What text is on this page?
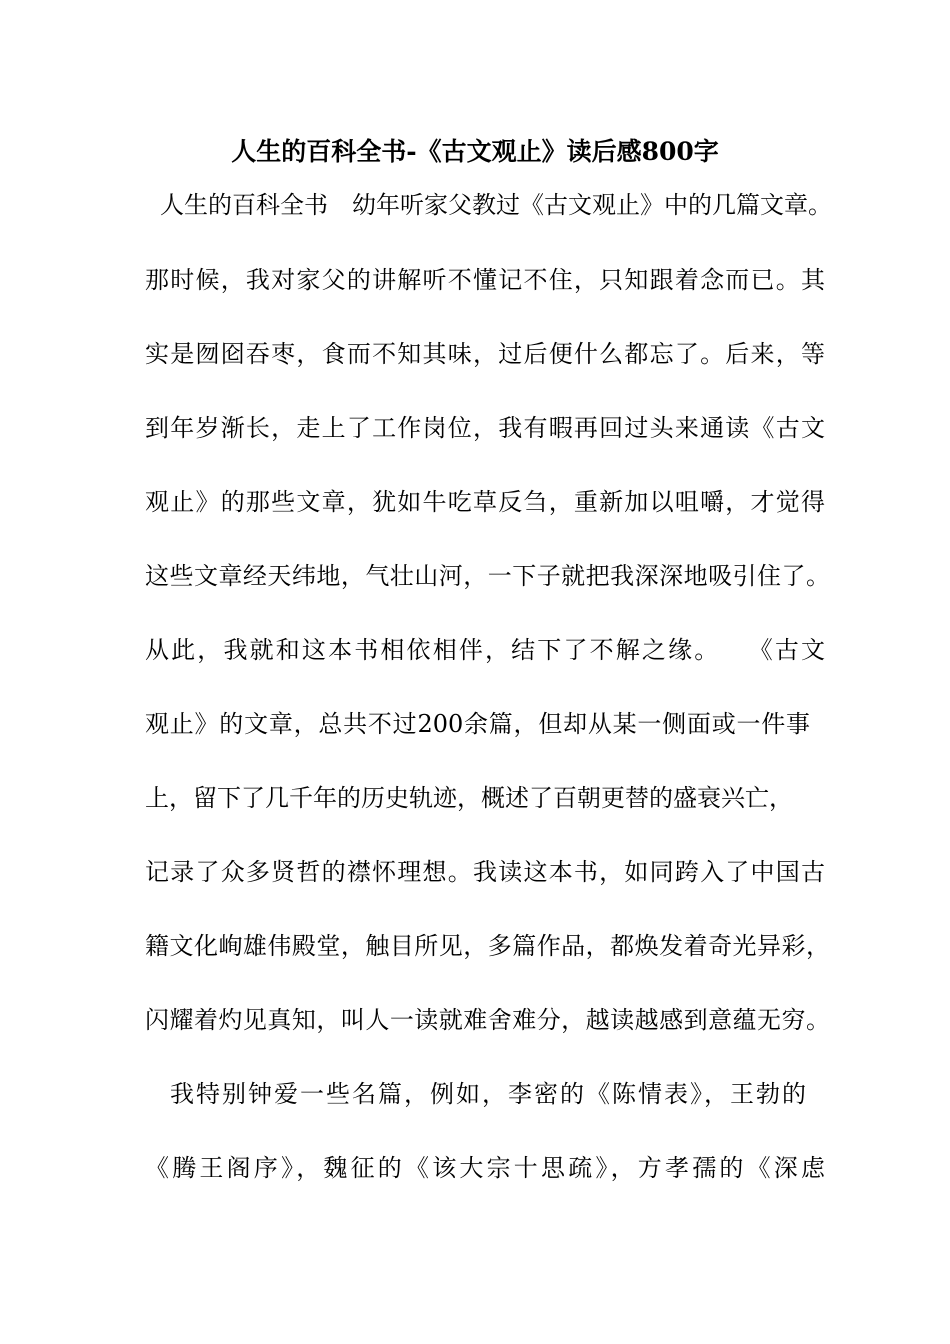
人生的百科全书-《古文观止》读后感800字
人生的百科全书　幼年听家父教过《古文观止》中的几篇文章。
那时候，我对家父的讲解听不懂记不住，只知跟着念而已。其
实是囫囵吞枣，食而不知其味，过后便什么都忘了。后来，等
到年岁渐长，走上了工作岗位，我有暇再回过头来通读《古文
观止》的那些文章，犹如牛吃草反刍，重新加以咀嚼，才觉得
这些文章经天纬地，气壮山河，一下子就把我深深地吸引住了。
从此，我就和这本书相依相伴，结下了不解之缘。　　《古文
观止》的文章，总共不过200余篇，但却从某一侧面或一件事
上，留下了几千年的历史轨迹，概述了百朝更替的盛衰兴亡，
记录了众多贤哲的襟怀理想。我读这本书，如同跨入了中国古
籍文化峋雄伟殿堂，触目所见，多篇作品，都焕发着奇光异彩，
闪耀着灼见真知，叫人一读就难舍难分，越读越感到意蕴无穷。
我特别钟爱一些名篇，例如，李密的《陈情表》，王勃的
《腾王阁序》，魏征的《该大宗十思疏》，方孝孺的《深虑
